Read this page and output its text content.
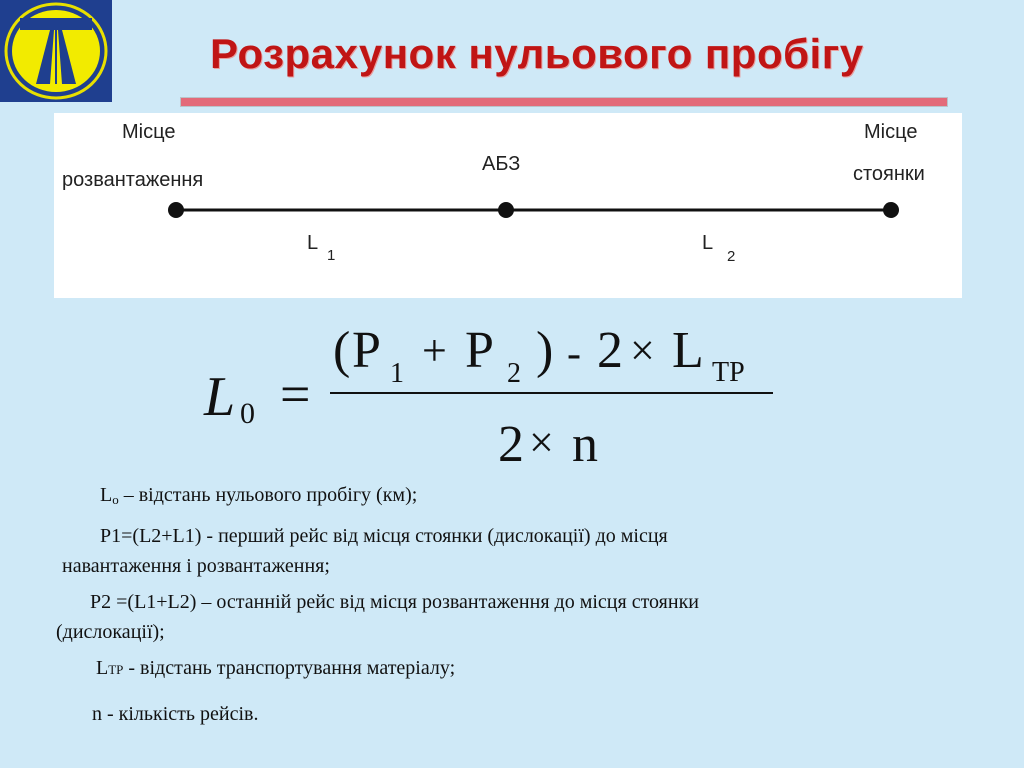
Розрахунок нульового пробігу
Місце
розвантаження
АБЗ
Місце
стоянки
L
1
L
2
L 0 =
( P 1 + P 2 ) - 2 × L ТР
2 × n

$L_o$ – відстань нульового пробігу (км);

P1=(L2+L1) - перший рейс від місця стоянки (дислокації) до місця

навантаження і розвантаження;

P2 =(L1+L2) – останній рейс від місця розвантаження до місця стоянки

(дислокації);

LТР - відстань транспортування матеріалу;

n - кількість рейсів.
